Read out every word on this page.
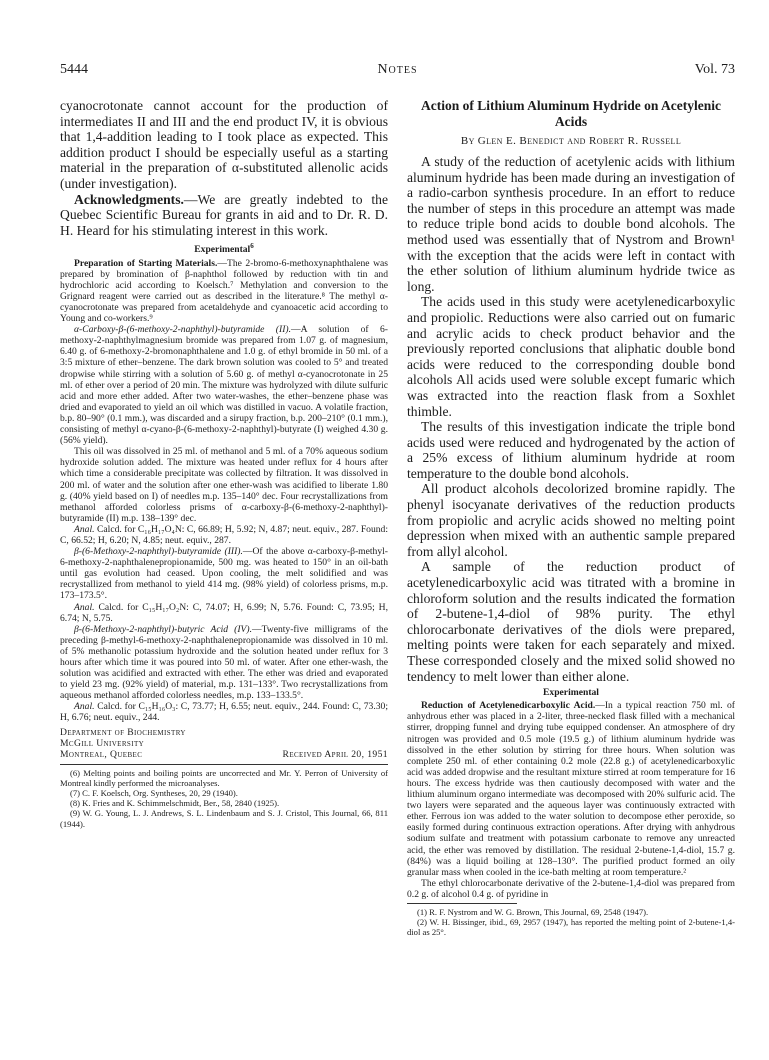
5444	Notes	Vol. 73

cyanocrotonate cannot account for the production of intermediates II and III and the end product IV, it is obvious that 1,4-addition leading to I took place as expected. This addition product I should be especially useful as a starting material in the preparation of α-substituted allenolic acids (under investigation).

Acknowledgments.—We are greatly indebted to the Quebec Scientific Bureau for grants in aid and to Dr. R. D. H. Heard for his stimulating interest in this work.

Experimental$^6$

Preparation of Starting Materials.—The 2-bromo-6-methoxynaphthalene was prepared by bromination of β-naphthol followed by reduction with tin and hydrochloric acid according to Koelsch.⁷ Methylation and conversion to the Grignard reagent were carried out as described in the literature.⁸ The methyl α-cyanocrotonate was prepared from acetaldehyde and cyanoacetic acid according to Young and co-workers.⁹

α-Carboxy-β-(6-methoxy-2-naphthyl)-butyramide (II).—A solution of 6-methoxy-2-naphthylmagnesium bromide was prepared from 1.07 g. of magnesium, 6.40 g. of 6-methoxy-2-bromonaphthalene and 1.0 g. of ethyl bromide in 50 ml. of a 3:5 mixture of ether–benzene. The dark brown solution was cooled to 5° and treated dropwise while stirring with a solution of 5.60 g. of methyl α-cyanocrotonate in 25 ml. of ether over a period of 20 min. The mixture was hydrolyzed with dilute sulfuric acid and more ether added. After two water-washes, the ether–benzene phase was dried and evaporated to yield an oil which was distilled in vacuo. A volatile fraction, b.p. 80–90° (0.1 mm.), was discarded and a sirupy fraction, b.p. 200–210° (0.1 mm.), consisting of methyl α-cyano-β-(6-methoxy-2-naphthyl)-butyrate (I) weighed 4.30 g. (56% yield).

This oil was dissolved in 25 ml. of methanol and 5 ml. of a 70% aqueous sodium hydroxide solution added. The mixture was heated under reflux for 4 hours after which time a considerable precipitate was collected by filtration. It was dissolved in 200 ml. of water and the solution after one ether-wash was acidified to liberate 1.80 g. (40% yield based on I) of needles m.p. 135–140° dec. Four recrystallizations from methanol afforded colorless prisms of α-carboxy-β-(6-methoxy-2-naphthyl)-butyramide (II) m.p. 138–139° dec.

Anal. Calcd. for C₁₆H₁₇O₄N: C, 66.89; H, 5.92; N, 4.87; neut. equiv., 287. Found: C, 66.52; H, 6.20; N, 4.85; neut. equiv., 287.

β-(6-Methoxy-2-naphthyl)-butyramide (III).—Of the above α-carboxy-β-methyl-6-methoxy-2-naphthalenepropionamide, 500 mg. was heated to 150° in an oil-bath until gas evolution had ceased. Upon cooling, the melt solidified and was recrystallized from methanol to yield 414 mg. (98% yield) of colorless prisms, m.p. 173–173.5°.

Anal. Calcd. for C₁₅H₁₇O₂N: C, 74.07; H, 6.99; N, 5.76. Found: C, 73.95; H, 6.74; N, 5.75.

β-(6-Methoxy-2-naphthyl)-butyric Acid (IV).—Twenty-five milligrams of the preceding β-methyl-6-methoxy-2-naphthalenepropionamide was dissolved in 10 ml. of 5% methanolic potassium hydroxide and the solution heated under reflux for 3 hours after which time it was poured into 50 ml. of water. After one ether-wash, the solution was acidified and extracted with ether. The ether was dried and evaporated to yield 23 mg. (92% yield) of material, m.p. 131–133°. Two recrystallizations from aqueous methanol afforded colorless needles, m.p. 133–133.5°.

Anal. Calcd. for C₁₅H₁₆O₃: C, 73.77; H, 6.55; neut. equiv., 244. Found: C, 73.30; H, 6.76; neut. equiv., 244.

Department of Biochemistry
McGill University
Montreal, Quebec	Received April 20, 1951

(6) Melting points and boiling points are uncorrected and Mr. Y. Perron of University of Montreal kindly performed the microanalyses.

(7) C. F. Koelsch, Org. Syntheses, 20, 29 (1940).

(8) K. Fries and K. Schimmelschmidt, Ber., 58, 2840 (1925).

(9) W. G. Young, L. J. Andrews, S. L. Lindenbaum and S. J. Cristol, This Journal, 66, 811 (1944).

Action of Lithium Aluminum Hydride on Acetylenic Acids

By Glen E. Benedict and Robert R. Russell

A study of the reduction of acetylenic acids with lithium aluminum hydride has been made during an investigation of a radio-carbon synthesis procedure. In an effort to reduce the number of steps in this procedure an attempt was made to reduce triple bond acids to double bond alcohols. The method used was essentially that of Nystrom and Brown¹ with the exception that the acids were left in contact with the ether solution of lithium aluminum hydride twice as long.

The acids used in this study were acetylenedicarboxylic and propiolic. Reductions were also carried out on fumaric and acrylic acids to check product behavior and the previously reported conclusions that aliphatic double bond acids were reduced to the corresponding double bond alcohols All acids used were soluble except fumaric which was extracted into the reaction flask from a Soxhlet thimble.

The results of this investigation indicate the triple bond acids used were reduced and hydrogenated by the action of a 25% excess of lithium aluminum hydride at room temperature to the double bond alcohols.

All product alcohols decolorized bromine rapidly. The phenyl isocyanate derivatives of the reduction products from propiolic and acrylic acids showed no melting point depression when mixed with an authentic sample prepared from allyl alcohol.

A sample of the reduction product of acetylenedicarboxylic acid was titrated with a bromine in chloroform solution and the results indicated the formation of 2-butene-1,4-diol of 98% purity. The ethyl chlorocarbonate derivatives of the diols were prepared, melting points were taken for each separately and mixed. These corresponded closely and the mixed solid showed no tendency to melt lower than either alone.

Experimental

Reduction of Acetylenedicarboxylic Acid.—In a typical reaction 750 ml. of anhydrous ether was placed in a 2-liter, three-necked flask filled with a mechanical stirrer, dropping funnel and drying tube equipped condenser. An atmosphere of dry nitrogen was provided and 0.5 mole (19.5 g.) of lithium aluminum hydride was dissolved in the ether solution by stirring for three hours. When solution was complete 250 ml. of ether containing 0.2 mole (22.8 g.) of acetylenedicarboxylic acid was added dropwise and the resultant mixture stirred at room temperature for 16 hours. The excess hydride was then cautiously decomposed with water and the lithium aluminum organo intermediate was decomposed with 20% sulfuric acid. The two layers were separated and the aqueous layer was continuously extracted with ether. Ferrous ion was added to the water solution to decompose ether peroxide, so easily formed during continuous extraction operations. After drying with anhydrous sodium sulfate and treatment with potassium carbonate to remove any unreacted acid, the ether was removed by distillation. The residual 2-butene-1,4-diol, 15.7 g. (84%) was a liquid boiling at 128–130°. The purified product formed an oily granular mass when cooled in the ice-bath melting at room temperature.²

The ethyl chlorocarbonate derivative of the 2-butene-1,4-diol was prepared from 0.2 g. of alcohol 0.4 g. of pyridine in

(1) R. F. Nystrom and W. G. Brown, This Journal, 69, 2548 (1947).

(2) W. H. Bissinger, ibid., 69, 2957 (1947), has reported the melting point of 2-butene-1,4-diol as 25°.
